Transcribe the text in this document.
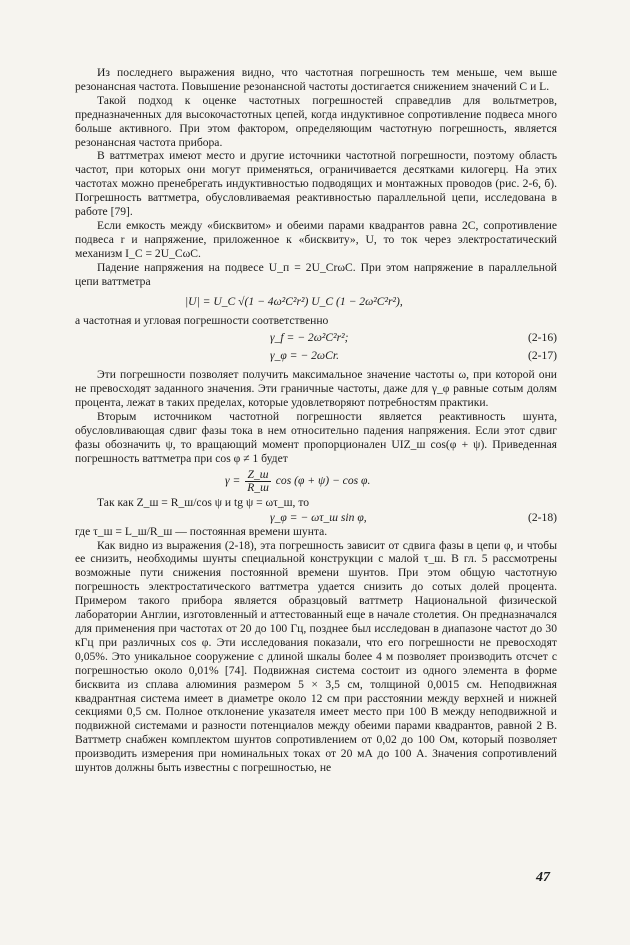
Из последнего выражения видно, что частотная погрешность тем меньше, чем выше резонансная частота. Повышение резонансной частоты достигается снижением значений C и L.

Такой подход к оценке частотных погрешностей справедлив для вольтметров, предназначенных для высокочастотных цепей, когда индуктивное сопротивление подвеса много больше активного. При этом фактором, определяющим частотную погрешность, является резонансная частота прибора.

В ваттметрах имеют место и другие источники частотной погрешности, поэтому область частот, при которых они могут применяться, ограничивается десятками килогерц. На этих частотах можно пренебрегать индуктивностью подводящих и монтажных проводов (рис. 2-6, б). Погрешность ваттметра, обусловливаемая реактивностью параллельной цепи, исследована в работе [79].

Если емкость между «бисквитом» и обеими парами квадрантов равна 2C, сопротивление подвеса r и напряжение, приложенное к «бисквиту», U, то ток через электростатический механизм I_C = 2U_CωC.

Падение напряжения на подвесе U_п = 2U_CrωC. При этом напряжение в параллельной цепи ваттметра

|U| = U_C √(1 − 4ω²C²r²) U_C (1 − 2ω²C²r²),

а частотная и угловая погрешности соответственно

γ_f = − 2ω²C²r²;	(2-16)
γ_φ = − 2ωCr.	(2-17)

Эти погрешности позволяет получить максимальное значение частоты ω, при которой они не превосходят заданного значения. Эти граничные частоты, даже для γ_φ равные сотым долям процента, лежат в таких пределах, которые удовлетворяют потребностям практики.

Вторым источником частотной погрешности является реактивность шунта, обусловливающая сдвиг фазы тока в нем относительно падения напряжения. Если этот сдвиг фазы обозначить ψ, то вращающий момент пропорционален UIZ_ш cos(φ + ψ). Приведенная погрешность ваттметра при cos φ ≠ 1 будет

$\gamma = \frac{Z\_ш}{R\_ш}$ cos (φ + ψ) − cos φ.

Так как Z_ш = R_ш/cos ψ и tg ψ = ωτ_ш, то

γ_φ = − ωτ_ш sin φ,	(2-18)

где τ_ш = L_ш/R_ш — постоянная времени шунта.

Как видно из выражения (2-18), эта погрешность зависит от сдвига фазы в цепи φ, и чтобы ее снизить, необходимы шунты специальной конструкции с малой τ_ш. В гл. 5 рассмотрены возможные пути снижения постоянной времени шунтов. При этом общую частотную погрешность электростатического ваттметра удается снизить до сотых долей процента. Примером такого прибора является образцовый ваттметр Национальной физической лаборатории Англии, изготовленный и аттестованный еще в начале столетия. Он предназначался для применения при частотах от 20 до 100 Гц, позднее был исследован в диапазоне частот до 30 кГц при различных cos φ. Эти исследования показали, что его погрешности не превосходят 0,05%. Это уникальное сооружение с длиной шкалы более 4 м позволяет производить отсчет с погрешностью около 0,01% [74]. Подвижная система состоит из одного элемента в форме бисквита из сплава алюминия размером 5 × 3,5 см, толщиной 0,0015 см. Неподвижная квадрантная система имеет в диаметре около 12 см при расстоянии между верхней и нижней секциями 0,5 см. Полное отклонение указателя имеет место при 100 В между неподвижной и подвижной системами и разности потенциалов между обеими парами квадрантов, равной 2 В. Ваттметр снабжен комплектом шунтов сопротивлением от 0,02 до 100 Ом, который позволяет производить измерения при номинальных токах от 20 мА до 100 А. Значения сопротивлений шунтов должны быть известны с погрешностью, не

47
